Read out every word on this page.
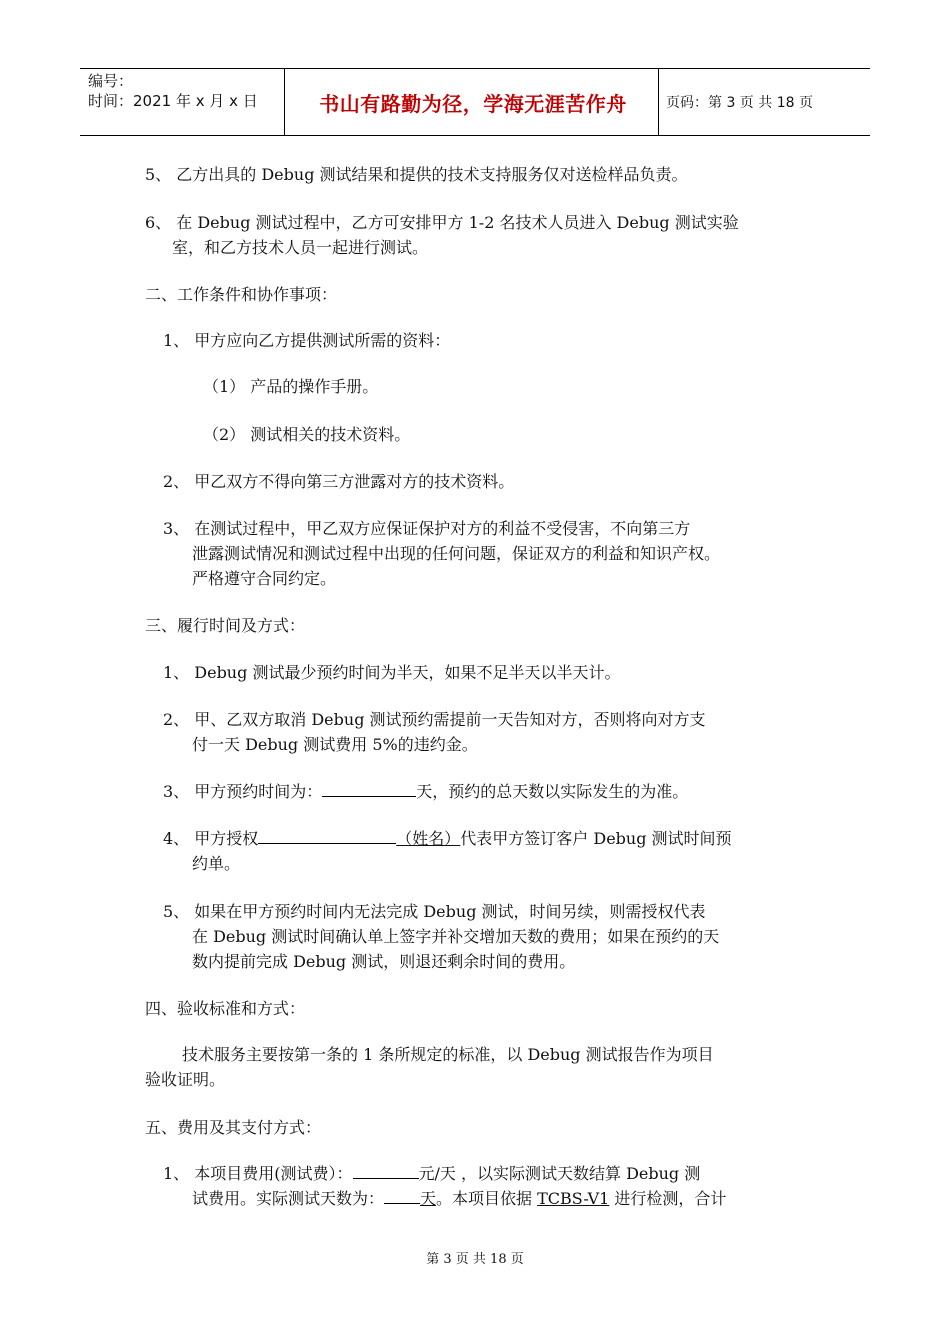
编号：
时间：2021 年 x 月 x 日	书山有路勤为径，学海无涯苦作舟	页码：第 3 页 共 18 页
5、 乙方出具的 Debug 测试结果和提供的技术支持服务仅对送检样品负责。
6、 在 Debug 测试过程中，乙方可安排甲方 1-2 名技术人员进入 Debug 测试实验
室，和乙方技术人员一起进行测试。
二、工作条件和协作事项：
1、 甲方应向乙方提供测试所需的资料：
（1） 产品的操作手册。
（2） 测试相关的技术资料。
2、 甲乙双方不得向第三方泄露对方的技术资料。
3、 在测试过程中，甲乙双方应保证保护对方的利益不受侵害，不向第三方
泄露测试情况和测试过程中出现的任何问题，保证双方的利益和知识产权。
严格遵守合同约定。
三、履行时间及方式：
1、 Debug 测试最少预约时间为半天，如果不足半天以半天计。
2、 甲、乙双方取消 Debug 测试预约需提前一天告知对方，否则将向对方支
付一天 Debug 测试费用 5%的违约金。
3、 甲方预约时间为：	天，预约的总天数以实际发生的为准。
4、 甲方授权	（姓名）代表甲方签订客户 Debug 测试时间预
约单。
5、 如果在甲方预约时间内无法完成 Debug 测试，时间另续，则需授权代表
在 Debug 测试时间确认单上签字并补交增加天数的费用；如果在预约的天
数内提前完成 Debug 测试，则退还剩余时间的费用。
四、验收标准和方式：
技术服务主要按第一条的 1 条所规定的标准，以 Debug 测试报告作为项目
验收证明。
五、费用及其支付方式：
1、 本项目费用(测试费）：	元/天 ，以实际测试天数结算 Debug 测
试费用。实际测试天数为： 天。本项目依据 TCBS-V1 进行检测，合计
第 3 页 共 18 页
